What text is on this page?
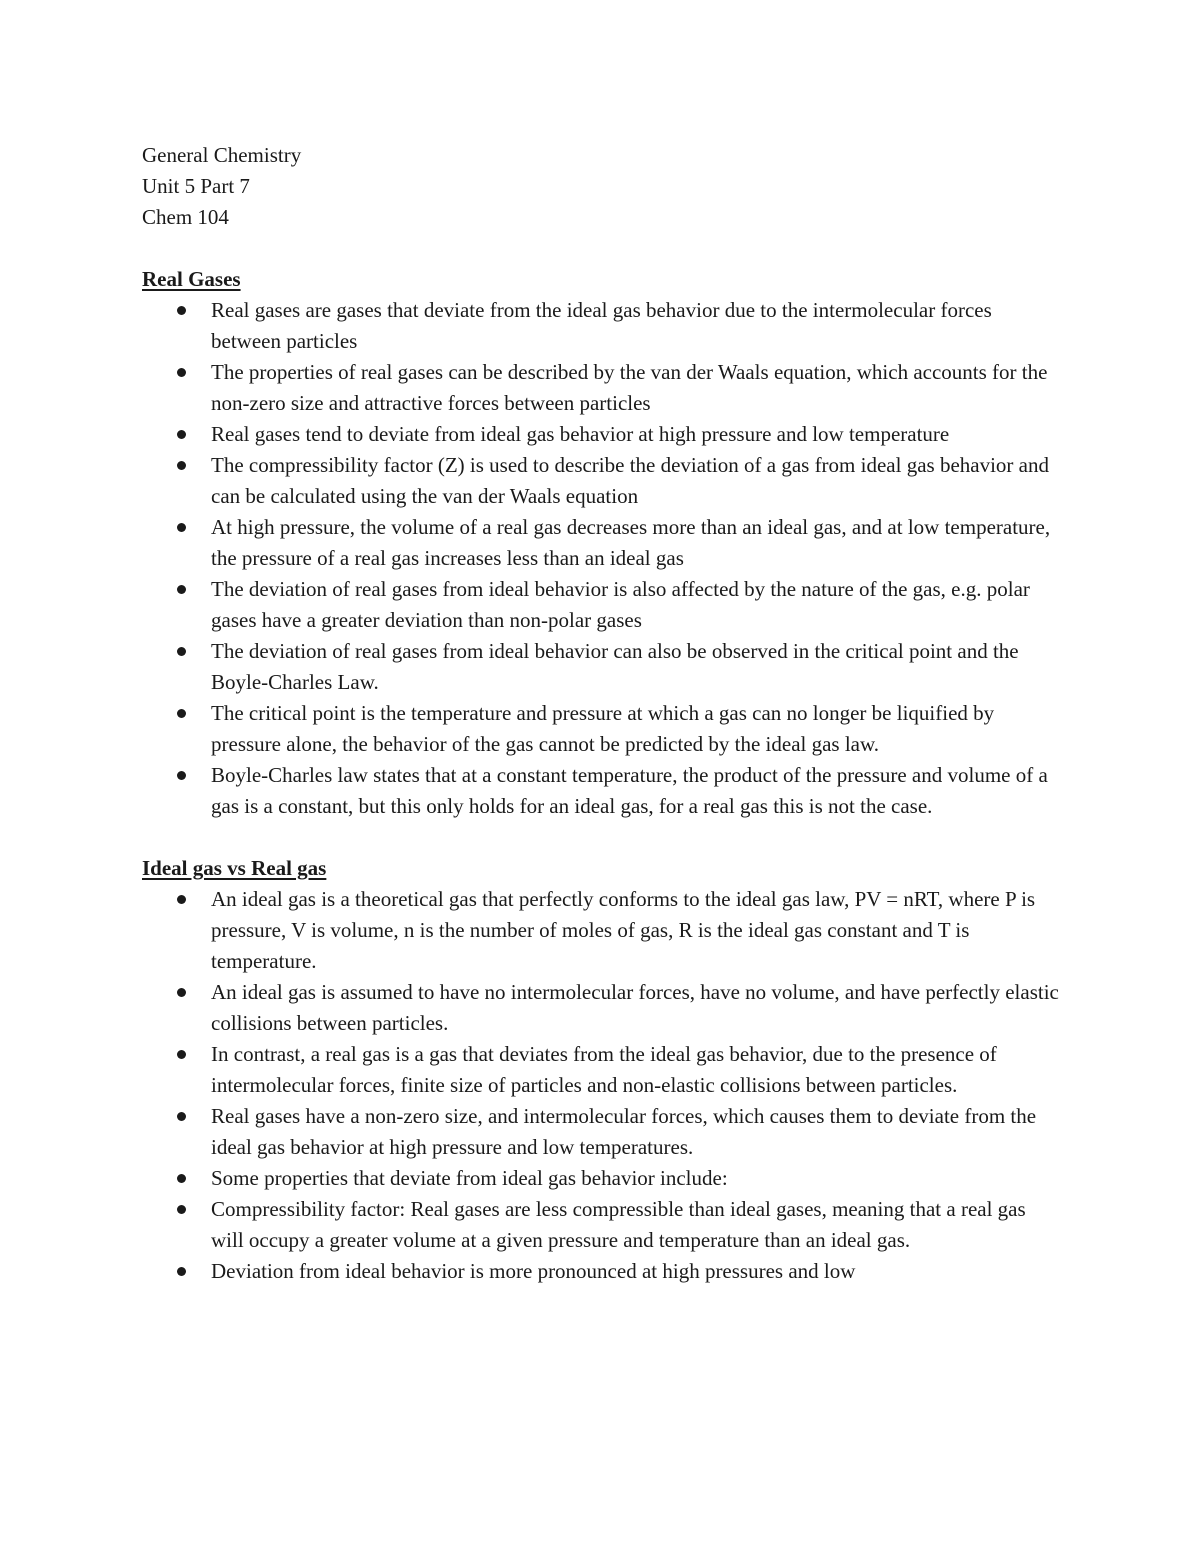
General Chemistry

Unit 5 Part 7

Chem 104

Real Gases

Real gases are gases that deviate from the ideal gas behavior due to the intermolecular forces between particles
The properties of real gases can be described by the van der Waals equation, which accounts for the non-zero size and attractive forces between particles
Real gases tend to deviate from ideal gas behavior at high pressure and low temperature
The compressibility factor (Z) is used to describe the deviation of a gas from ideal gas behavior and can be calculated using the van der Waals equation
At high pressure, the volume of a real gas decreases more than an ideal gas, and at low temperature, the pressure of a real gas increases less than an ideal gas
The deviation of real gases from ideal behavior is also affected by the nature of the gas, e.g. polar gases have a greater deviation than non-polar gases
The deviation of real gases from ideal behavior can also be observed in the critical point and the Boyle-Charles Law.
The critical point is the temperature and pressure at which a gas can no longer be liquified by pressure alone, the behavior of the gas cannot be predicted by the ideal gas law.
Boyle-Charles law states that at a constant temperature, the product of the pressure and volume of a gas is a constant, but this only holds for an ideal gas, for a real gas this is not the case.

Ideal gas vs Real gas

An ideal gas is a theoretical gas that perfectly conforms to the ideal gas law, PV = nRT, where P is pressure, V is volume, n is the number of moles of gas, R is the ideal gas constant and T is temperature.
An ideal gas is assumed to have no intermolecular forces, have no volume, and have perfectly elastic collisions between particles.
In contrast, a real gas is a gas that deviates from the ideal gas behavior, due to the presence of intermolecular forces, finite size of particles and non-elastic collisions between particles.
Real gases have a non-zero size, and intermolecular forces, which causes them to deviate from the ideal gas behavior at high pressure and low temperatures.
Some properties that deviate from ideal gas behavior include:
Compressibility factor: Real gases are less compressible than ideal gases, meaning that a real gas will occupy a greater volume at a given pressure and temperature than an ideal gas.
Deviation from ideal behavior is more pronounced at high pressures and low
